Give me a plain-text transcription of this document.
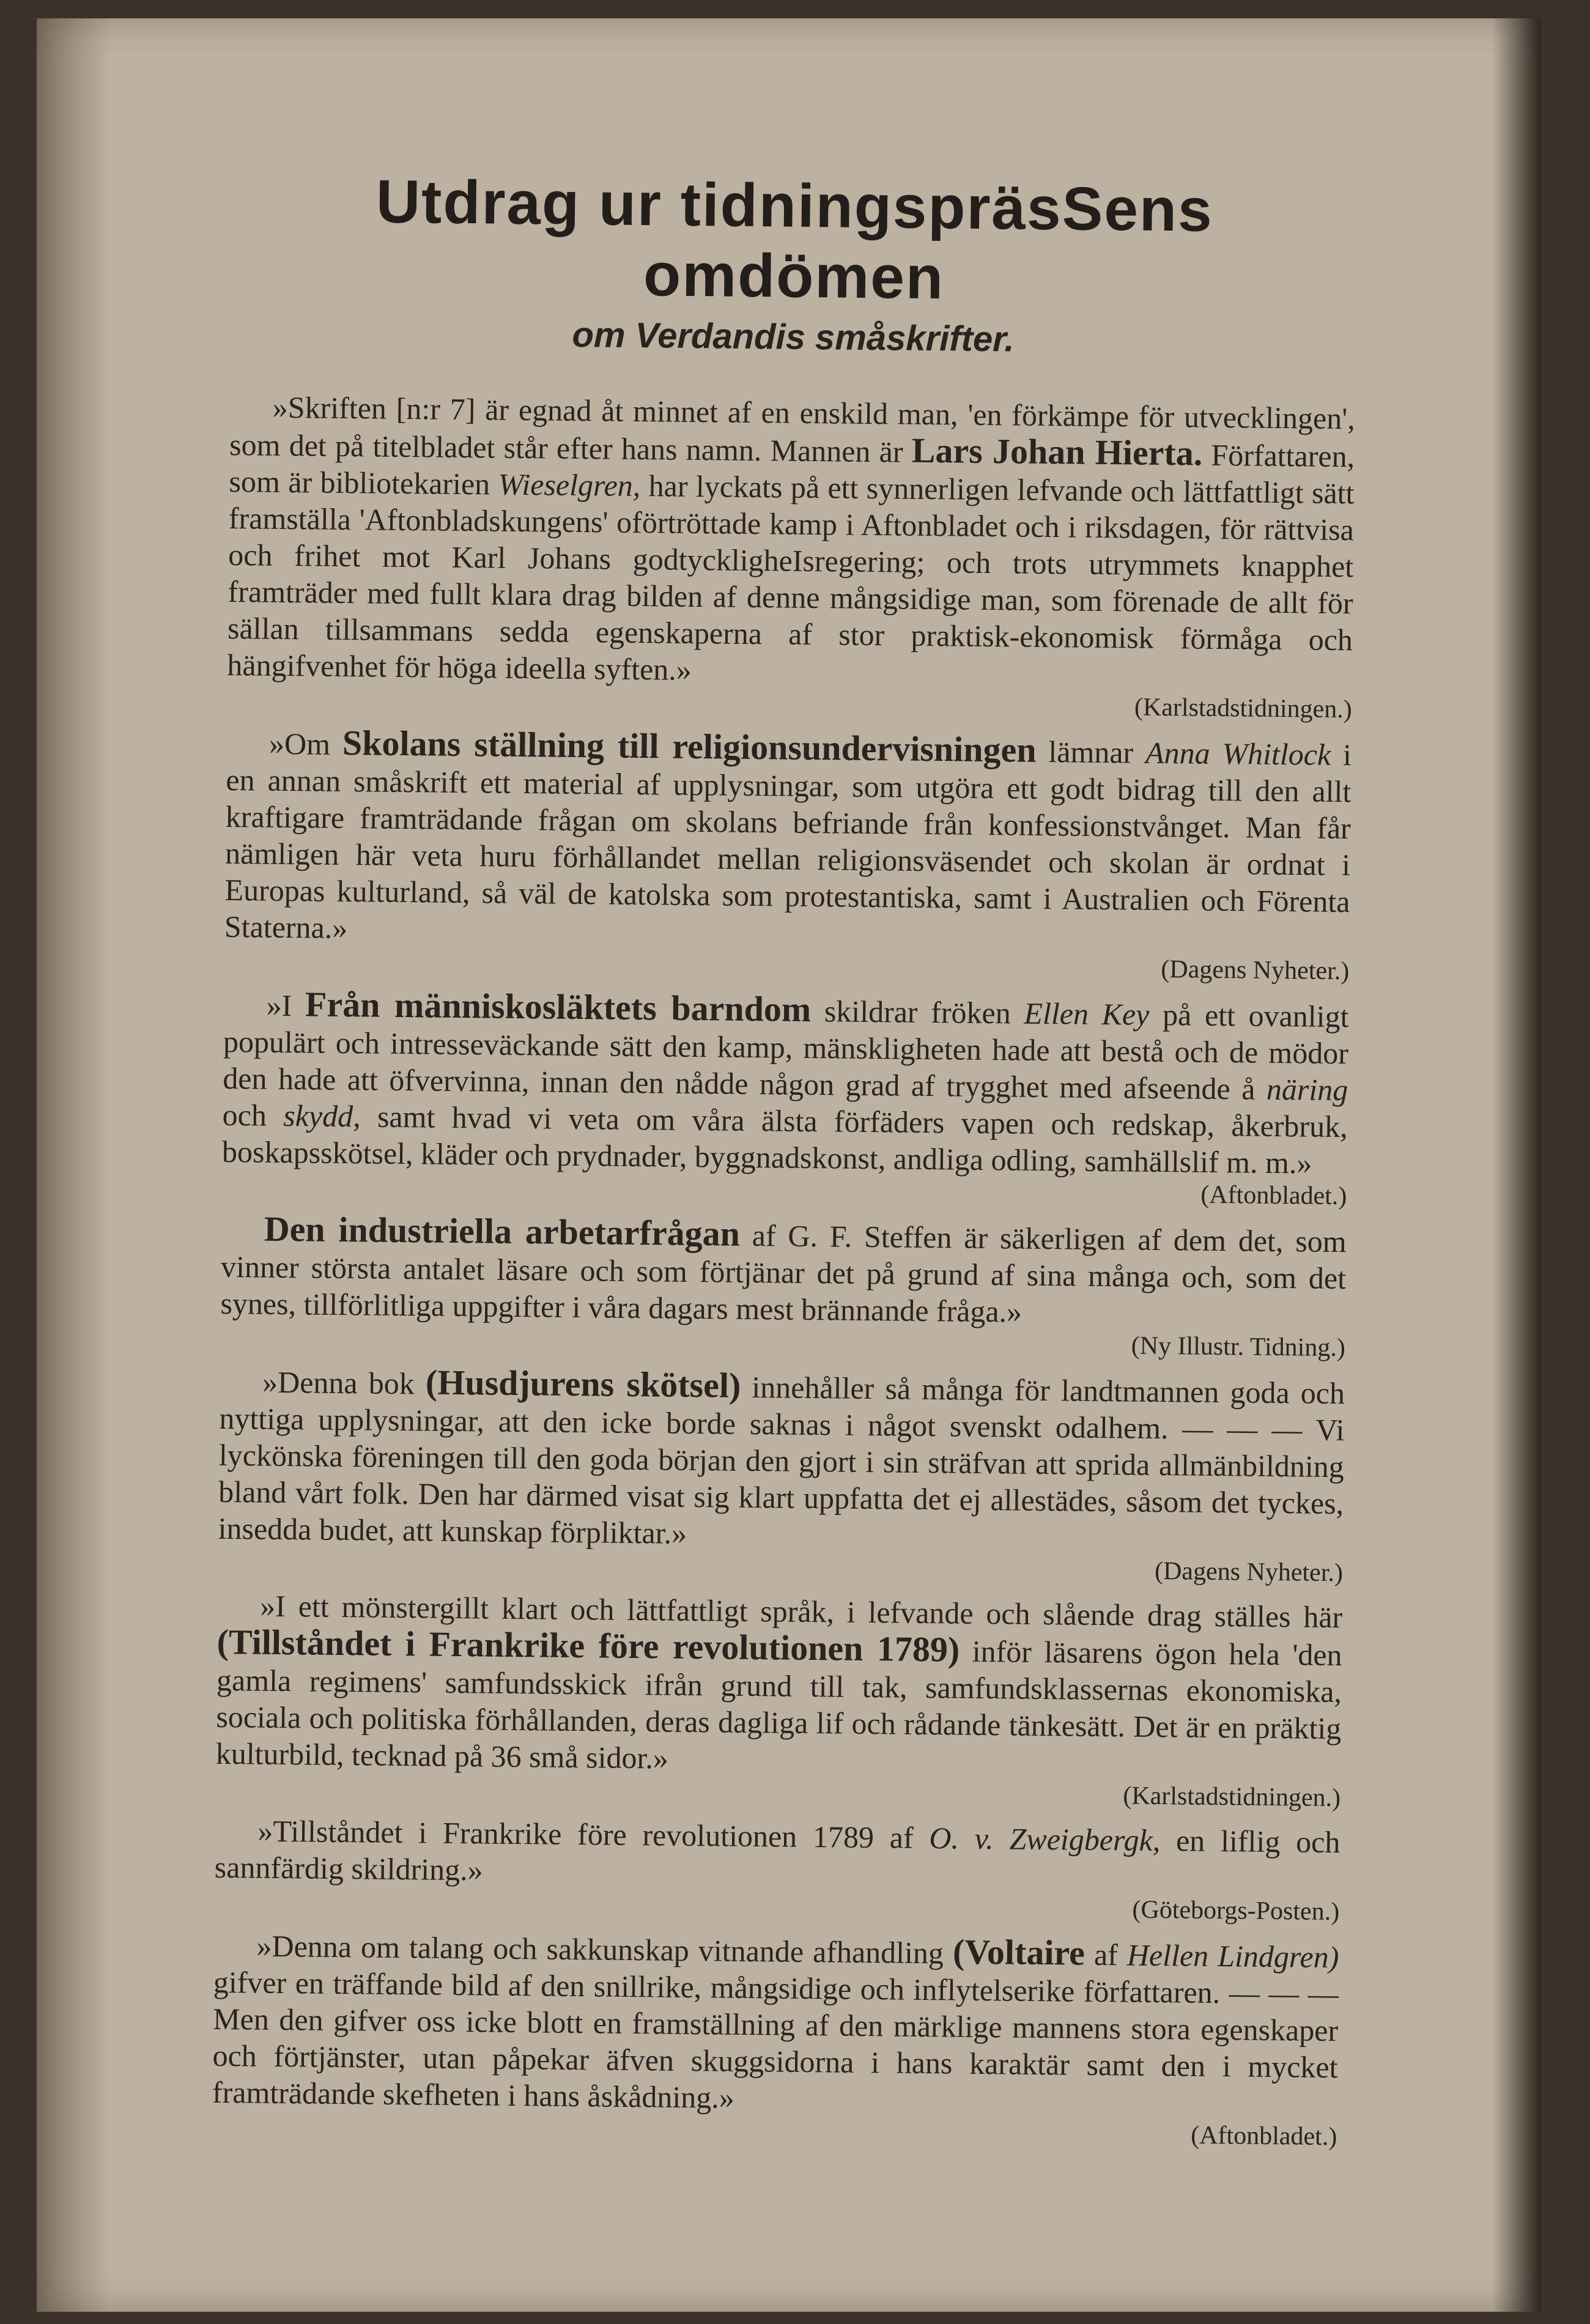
Utdrag ur tidningspräsSens omdömen
om Verdandis småskrifter.

»Skriften [n:r 7] är egnad åt minnet af en enskild man, 'en förkämpe för utvecklingen', som det på titelbladet står efter hans namn. Mannen är Lars Johan Hierta. Författaren, som är bibliotekarien Wieselgren, har lyckats på ett synnerligen lefvande och lättfattligt sätt framställa 'Aftonbladskungens' oförtröttade kamp i Aftonbladet och i riksdagen, för rättvisa och frihet mot Karl Johans godtyckligheIsregering; och trots utrymmets knapphet framträder med fullt klara drag bilden af denne mångsidige man, som förenade de allt för sällan tillsammans sedda egenskaperna af stor praktisk-ekonomisk förmåga och hängifvenhet för höga ideella syften.»

(Karlstadstidningen.)

»Om Skolans ställning till religionsundervisningen lämnar Anna Whitlock i en annan småskrift ett material af upplysningar, som utgöra ett godt bidrag till den allt kraftigare framträdande frågan om skolans befriande från konfessionstvånget. Man får nämligen här veta huru förhållandet mellan religionsväsendet och skolan är ordnat i Europas kulturland, så väl de katolska som protestantiska, samt i Australien och Förenta Staterna.»

(Dagens Nyheter.)

»I Från människosläktets barndom skildrar fröken Ellen Key på ett ovanligt populärt och intresseväckande sätt den kamp, mänskligheten hade att bestå och de mödor den hade att öfvervinna, innan den nådde någon grad af trygghet med afseende å näring och skydd, samt hvad vi veta om våra älsta förfäders vapen och redskap, åkerbruk, boskapsskötsel, kläder och prydnader, byggnadskonst, andliga odling, samhällslif m. m.»

(Aftonbladet.)

Den industriella arbetarfrågan af G. F. Steffen är säkerligen af dem det, som vinner största antalet läsare och som förtjänar det på grund af sina många och, som det synes, tillförlitliga uppgifter i våra dagars mest brännande fråga.»

(Ny Illustr. Tidning.)

»Denna bok (Husdjurens skötsel) innehåller så många för landtmannen goda och nyttiga upplysningar, att den icke borde saknas i något svenskt odalhem. — — — Vi lyckönska föreningen till den goda början den gjort i sin sträfvan att sprida allmänbildning bland vårt folk. Den har därmed visat sig klart uppfatta det ej allestädes, såsom det tyckes, insedda budet, att kunskap förpliktar.»

(Dagens Nyheter.)

»I ett mönstergillt klart och lättfattligt språk, i lefvande och slående drag ställes här (Tillståndet i Frankrike före revolutionen 1789) inför läsarens ögon hela 'den gamla regimens' samfundsskick ifrån grund till tak, samfundsklassernas ekonomiska, sociala och politiska förhållanden, deras dagliga lif och rådande tänkesätt. Det är en präktig kulturbild, tecknad på 36 små sidor.»

(Karlstadstidningen.)

»Tillståndet i Frankrike före revolutionen 1789 af O. v. Zweigbergk, en liflig och sannfärdig skildring.»

(Göteborgs-Posten.)

»Denna om talang och sakkunskap vitnande afhandling (Voltaire af Hellen Lindgren) gifver en träffande bild af den snillrike, mångsidige och inflytelserike författaren. — — — Men den gifver oss icke blott en framställning af den märklige mannens stora egenskaper och förtjänster, utan påpekar äfven skuggsidorna i hans karaktär samt den i mycket framträdande skefheten i hans åskådning.»

(Aftonbladet.)
